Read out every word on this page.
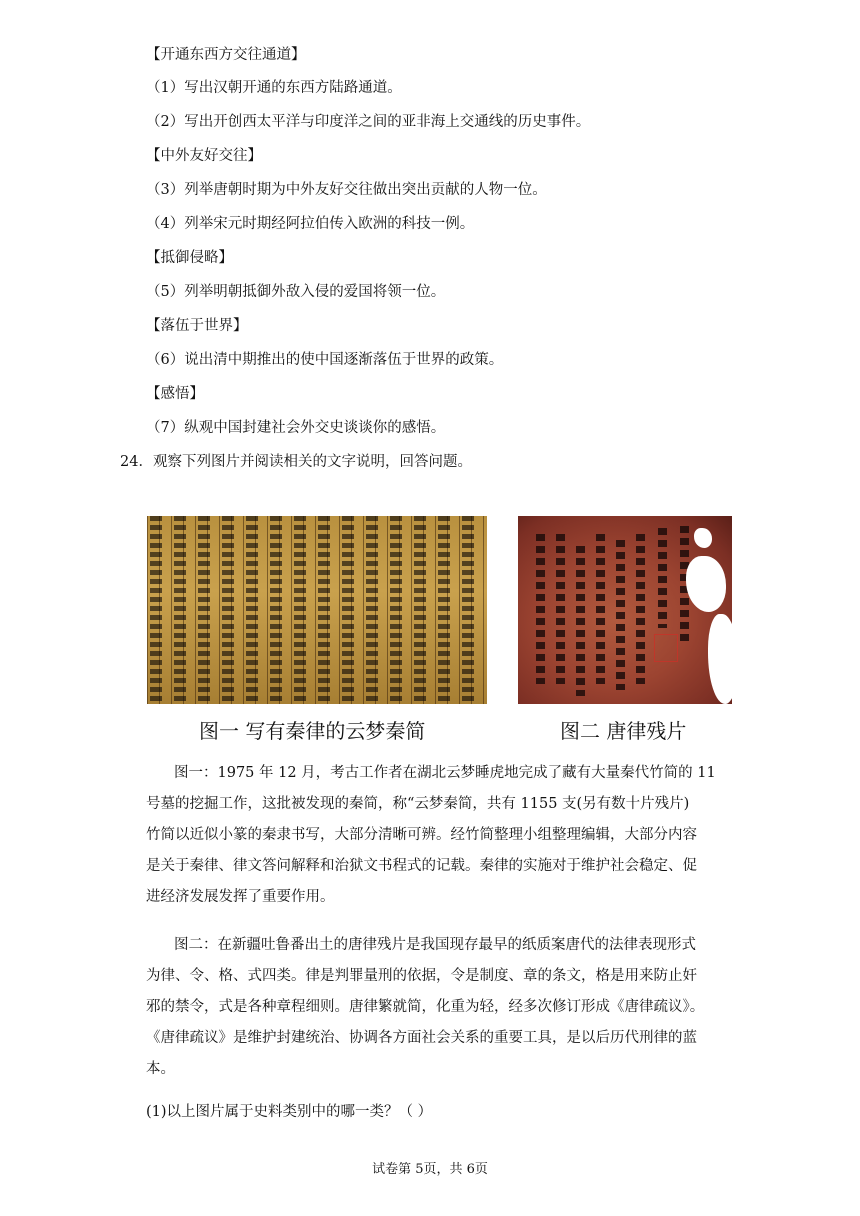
【开通东西方交往通道】
（1）写出汉朝开通的东西方陆路通道。
（2）写出开创西太平洋与印度洋之间的亚非海上交通线的历史事件。
【中外友好交往】
（3）列举唐朝时期为中外友好交往做出突出贡献的人物一位。
（4）列举宋元时期经阿拉伯传入欧洲的科技一例。
【抵御侵略】
（5）列举明朝抵御外敌入侵的爱国将领一位。
【落伍于世界】
（6）说出清中期推出的使中国逐渐落伍于世界的政策。
【感悟】
（7）纵观中国封建社会外交史谈谈你的感悟。
24．观察下列图片并阅读相关的文字说明，回答问题。
图一 写有秦律的云梦秦简	图二 唐律残片
图一：1975 年 12 月，考古工作者在湖北云梦睡虎地完成了藏有大量秦代竹简的 11
号墓的挖掘工作，这批被发现的秦简，称“云梦秦简，共有 1155 支(另有数十片残片)
竹简以近似小篆的秦隶书写，大部分清晰可辨。经竹简整理小组整理编辑，大部分内容
是关于秦律、律文答问解释和治狱文书程式的记载。秦律的实施对于维护社会稳定、促
进经济发展发挥了重要作用。
图二：在新疆吐鲁番出土的唐律残片是我国现存最早的纸质案唐代的法律表现形式
为律、令、格、式四类。律是判罪量刑的依据，令是制度、章的条文，格是用来防止奸
邪的禁令，式是各种章程细则。唐律繁就简，化重为轻，经多次修订形成《唐律疏议》。
《唐律疏议》是维护封建统治、协调各方面社会关系的重要工具，是以后历代刑律的蓝
本。
(1)以上图片属于史料类别中的哪一类？（ ）
试卷第 5页，共 6页
